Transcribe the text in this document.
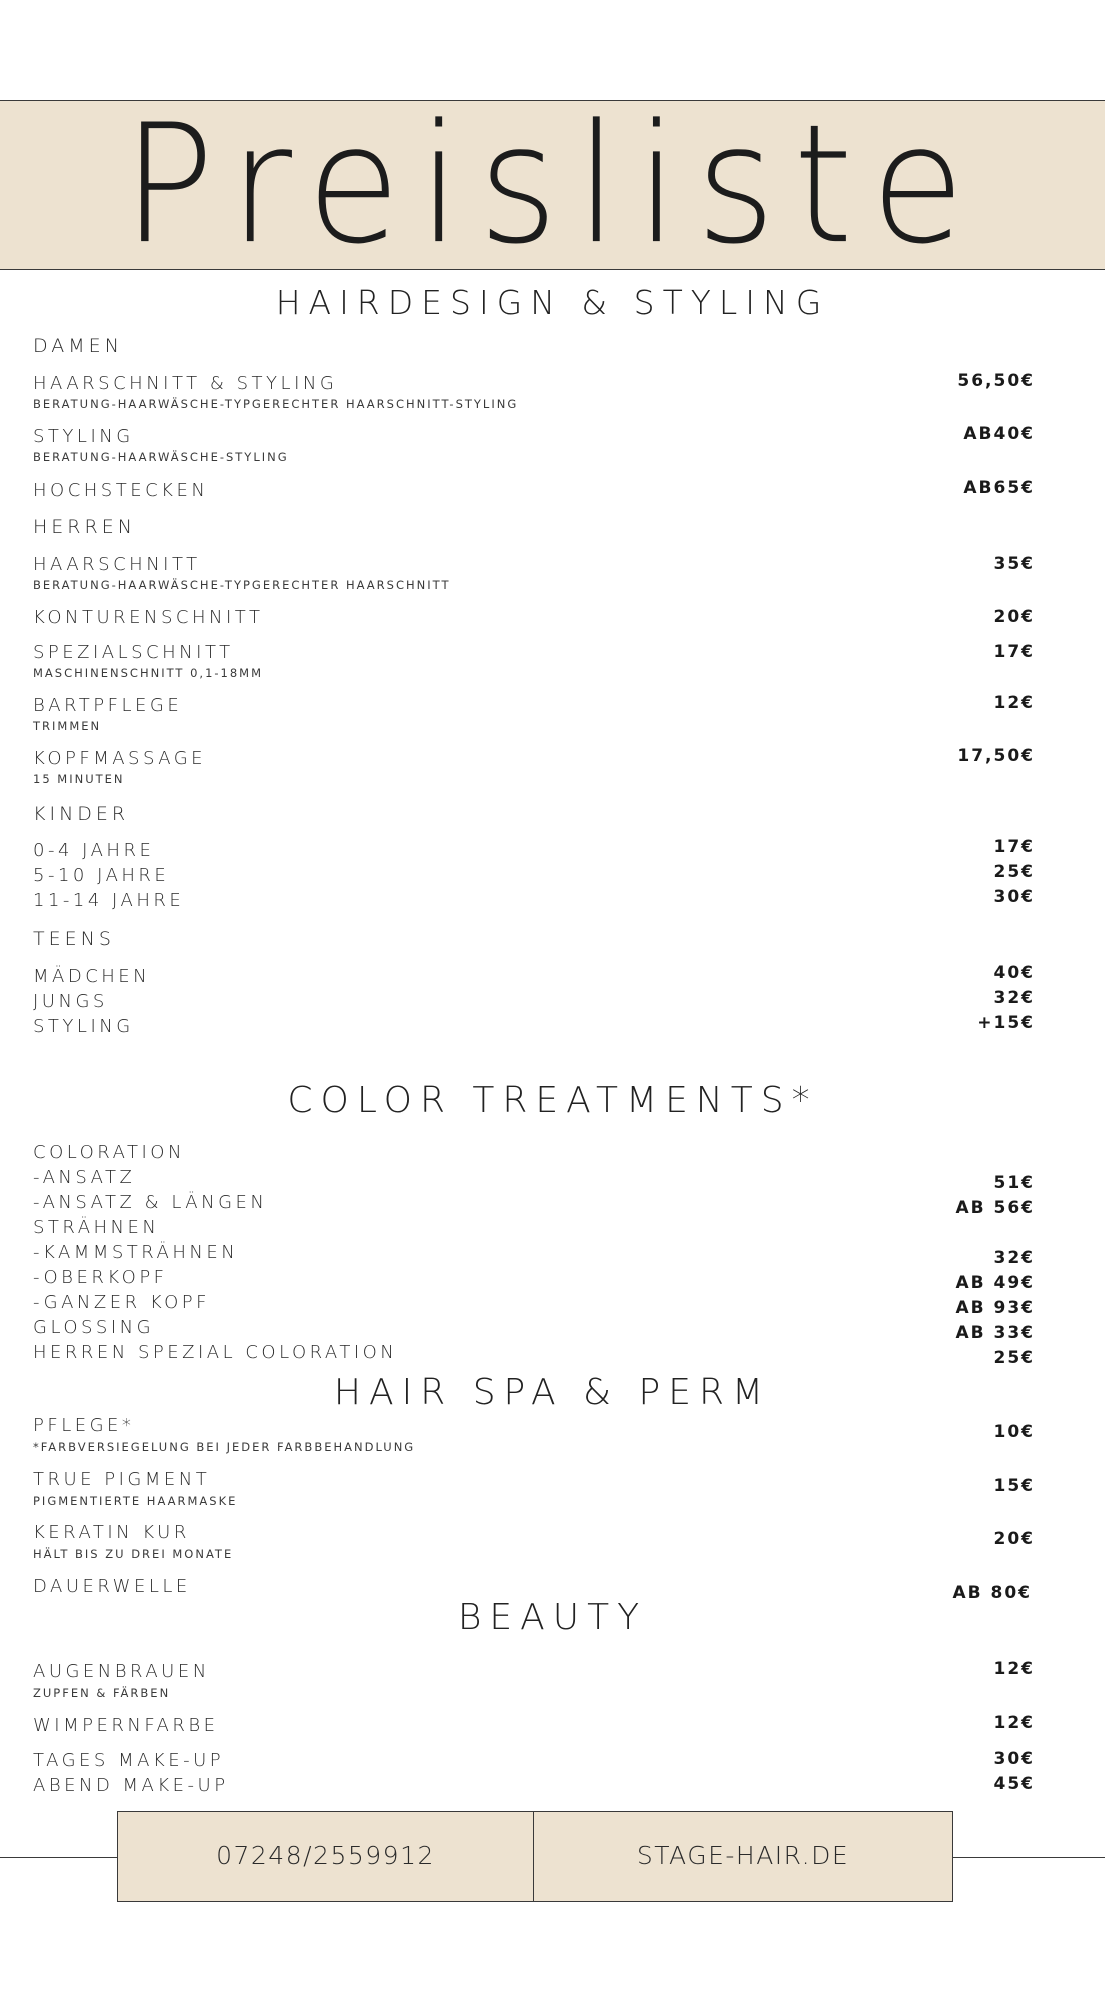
Preisliste
HAIRDESIGN & STYLING
DAMEN
HAARSCHNITT & STYLING
BERATUNG-HAARWÄSCHE-TYPGERECHTER HAARSCHNITT-STYLING
56,50€
STYLING
BERATUNG-HAARWÄSCHE-STYLING
AB40€
HOCHSTECKEN	AB65€
HERREN
HAARSCHNITT
BERATUNG-HAARWÄSCHE-TYPGERECHTER HAARSCHNITT
35€
KONTURENSCHNITT	20€
SPEZIALSCHNITT
MASCHINENSCHNITT 0,1-18MM
17€
BARTPFLEGE
TRIMMEN
12€
KOPFMASSAGE
15 MINUTEN
17,50€
KINDER
0-4 JAHRE	17€
5-10 JAHRE	25€
11-14 JAHRE	30€
TEENS
MÄDCHEN	40€
JUNGS	32€
STYLING	+15€
COLOR TREATMENTS*
COLORATION
-ANSATZ	51€
-ANSATZ & LÄNGEN	AB 56€
STRÄHNEN
-KAMMSTRÄHNEN	32€
-OBERKOPF	AB 49€
-GANZER KOPF	AB 93€
GLOSSING	AB 33€
HERREN SPEZIAL COLORATION	25€
HAIR SPA & PERM
PFLEGE*
*FARBVERSIEGELUNG BEI JEDER FARBBEHANDLUNG
10€
TRUE PIGMENT
PIGMENTIERTE HAARMASKE
15€
KERATIN KUR
HÄLT BIS ZU DREI MONATE
20€
DAUERWELLE	AB 80€
BEAUTY
AUGENBRAUEN
ZUPFEN & FÄRBEN
12€
WIMPERNFARBE	12€
TAGES MAKE-UP	30€
ABEND MAKE-UP	45€
07248/2559912	STAGE-HAIR.DE
